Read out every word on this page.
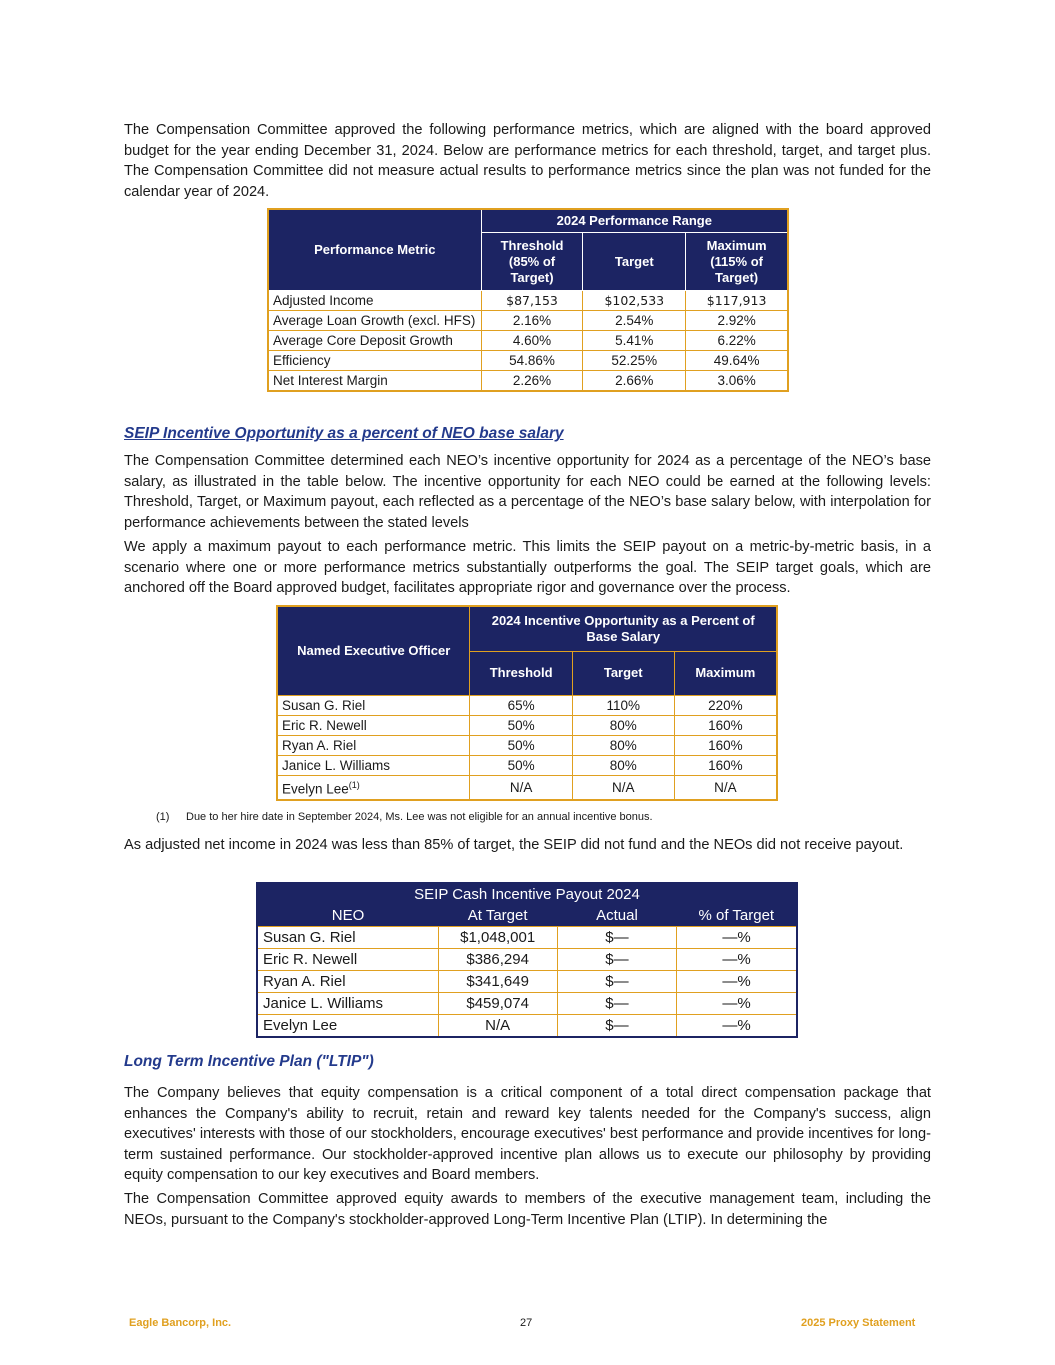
The Compensation Committee approved the following performance metrics, which are aligned with the board approved budget for the year ending December 31, 2024. Below are performance metrics for each threshold, target, and target plus. The Compensation Committee did not measure actual results to performance metrics since the plan was not funded for the calendar year of 2024.

Performance Metric	2024 Performance Range		
	Threshold (85% of Target)	Target	Maximum (115% of Target)
Adjusted Income	$87,153	$102,533	$117,913
Average Loan Growth (excl. HFS)	2.16%	2.54%	2.92%
Average Core Deposit Growth	4.60%	5.41%	6.22%
Efficiency	54.86%	52.25%	49.64%
Net Interest Margin	2.26%	2.66%	3.06%
SEIP Incentive Opportunity as a percent of NEO base salary

The Compensation Committee determined each NEO’s incentive opportunity for 2024 as a percentage of the NEO’s base salary, as illustrated in the table below. The incentive opportunity for each NEO could be earned at the following levels: Threshold, Target, or Maximum payout, each reflected as a percentage of the NEO’s base salary below, with interpolation for performance achievements between the stated levels

We apply a maximum payout to each performance metric. This limits the SEIP payout on a metric-by-metric basis, in a scenario where one or more performance metrics substantially outperforms the goal. The SEIP target goals, which are anchored off the Board approved budget, facilitates appropriate rigor and governance over the process.

Named Executive Officer	2024 Incentive Opportunity as a Percent of Base Salary		
	Threshold	Target	Maximum
Susan G. Riel	65%	110%	220%
Eric R. Newell	50%	80%	160%
Ryan A. Riel	50%	80%	160%
Janice L. Williams	50%	80%	160%
Evelyn Lee$^{(1)}$	N/A	N/A	N/A
(1) Due to her hire date in September 2024, Ms. Lee was not eligible for an annual incentive bonus.

As adjusted net income in 2024 was less than 85% of target, the SEIP did not fund and the NEOs did not receive payout.

SEIP Cash Incentive Payout 2024			
NEO	At Target	Actual	% of Target
Susan G. Riel	$1,048,001	$—	—%
Eric R. Newell	$386,294	$—	—%
Ryan A. Riel	$341,649	$—	—%
Janice L. Williams	$459,074	$—	—%
Evelyn Lee	N/A	$—	—%
Long Term Incentive Plan ("LTIP")

The Company believes that equity compensation is a critical component of a total direct compensation package that enhances the Company's ability to recruit, retain and reward key talents needed for the Company's success, align executives' interests with those of our stockholders, encourage executives' best performance and provide incentives for long-term sustained performance. Our stockholder-approved incentive plan allows us to execute our philosophy by providing equity compensation to our key executives and Board members.

The Compensation Committee approved equity awards to members of the executive management team, including the NEOs, pursuant to the Company's stockholder-approved Long-Term Incentive Plan (LTIP). In determining the

Eagle Bancorp, Inc.	27	2025 Proxy Statement
